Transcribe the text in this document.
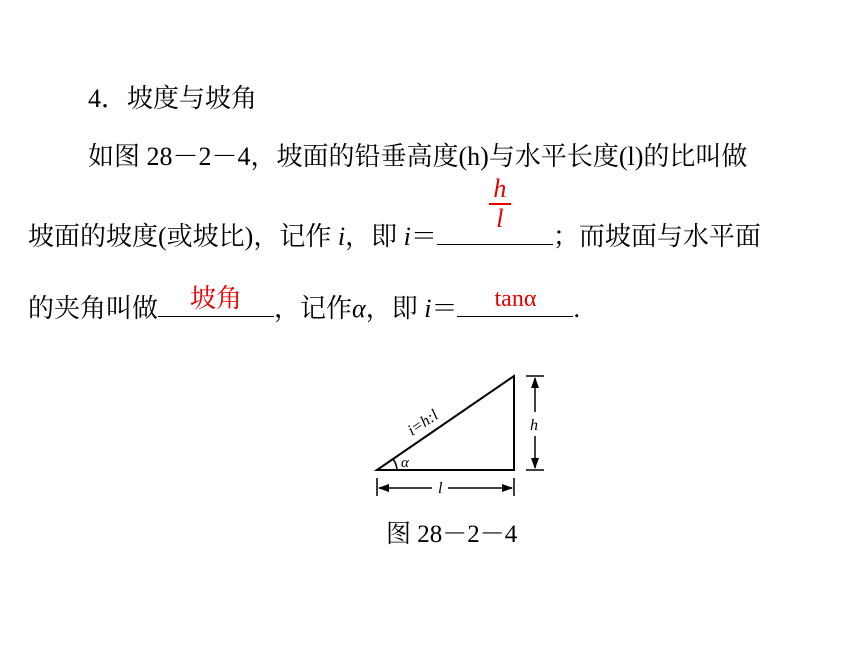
4．坡度与坡角
如图 28－2－4，坡面的铅垂高度(h)与水平长度(l)的比叫做
坡面的坡度(或坡比)，记作 i，即 i＝
$\frac{h}{l}$
；而坡面与水平面
的夹角叫做	坡角	，记作α，即 i＝	tanα	.
α
i=h:l	h
l
图 28－2－4
